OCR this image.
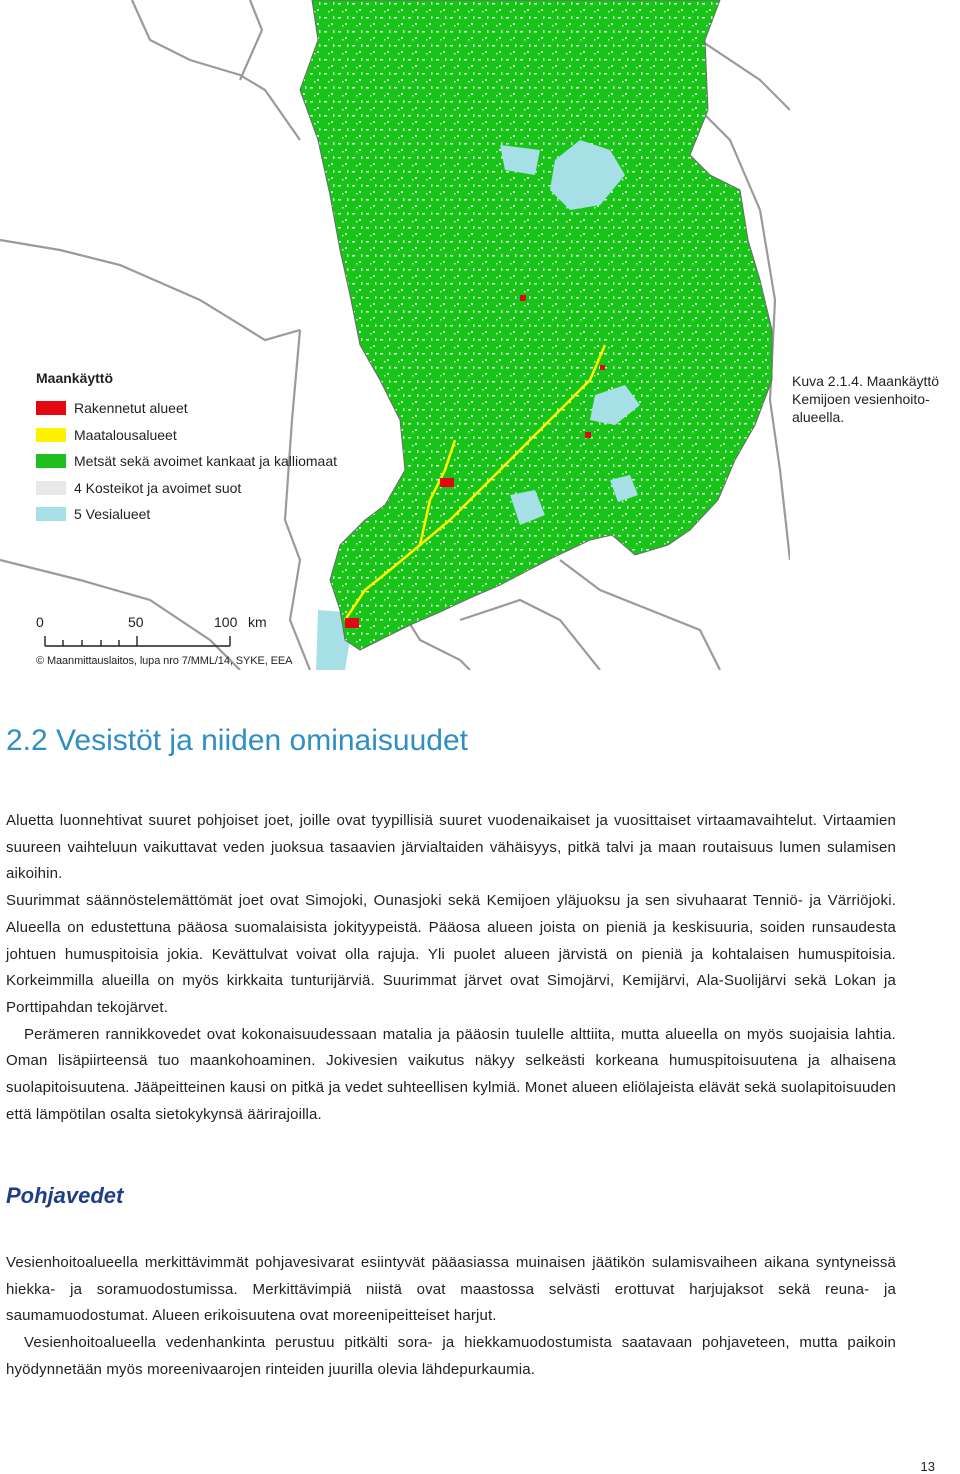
Maankäyttö
Rakennetut alueet
Maatalousalueet
Metsät sekä avoimet kankaat ja kalliomaat
4 Kosteikot ja avoimet suot
5 Vesialueet
0	50	100 km
© Maanmittauslaitos, lupa nro 7/MML/14, SYKE, EEA
Kuva 2.1.4. Maankäyttö Kemijoen vesienhoitoalueella.
2.2 Vesistöt ja niiden ominaisuudet

Aluetta luonnehtivat suuret pohjoiset joet, joille ovat tyypillisiä suuret vuodenaikaiset ja vuosittaiset virtaamavaihtelut. Virtaamien suureen vaihteluun vaikuttavat veden juoksua tasaavien järvialtaiden vähäisyys, pitkä talvi ja maan routaisuus lumen sulamisen aikoihin.

Suurimmat säännöstelemättömät joet ovat Simojoki, Ounasjoki sekä Kemijoen yläjuoksu ja sen sivuhaarat Tenniö- ja Värriöjoki. Alueella on edustettuna pääosa suomalaisista jokityypeistä. Pääosa alueen joista on pieniä ja keskisuuria, soiden runsaudesta johtuen humuspitoisia jokia. Kevättulvat voivat olla rajuja. Yli puolet alueen järvistä on pieniä ja kohtalaisen humuspitoisia. Korkeimmilla alueilla on myös kirkkaita tunturijärviä. Suurimmat järvet ovat Simojärvi, Kemijärvi, Ala-Suolijärvi sekä Lokan ja Porttipahdan tekojärvet.

Perämeren rannikkovedet ovat kokonaisuudessaan matalia ja pääosin tuulelle alttiita, mutta alueella on myös suojaisia lahtia. Oman lisäpiirteensä tuo maankohoaminen. Jokivesien vaikutus näkyy selkeästi korkeana humuspitoisuutena ja alhaisena suolapitoisuutena. Jääpeitteinen kausi on pitkä ja vedet suhteellisen kylmiä. Monet alueen eliölajeista elävät sekä suolapitoisuuden että lämpötilan osalta sietokykynsä äärirajoilla.

Pohjavedet

Vesienhoitoalueella merkittävimmät pohjavesivarat esiintyvät pääasiassa muinaisen jäätikön sulamisvaiheen aikana syntyneissä hiekka- ja soramuodostumissa. Merkittävimpiä niistä ovat maastossa selvästi erottuvat harjujaksot sekä reuna- ja saumamuodostumat. Alueen erikoisuutena ovat moreenipeitteiset harjut.

Vesienhoitoalueella vedenhankinta perustuu pitkälti sora- ja hiekkamuodostumista saatavaan pohjaveteen, mutta paikoin hyödynnetään myös moreenivaarojen rinteiden juurilla olevia lähdepurkaumia.

13
